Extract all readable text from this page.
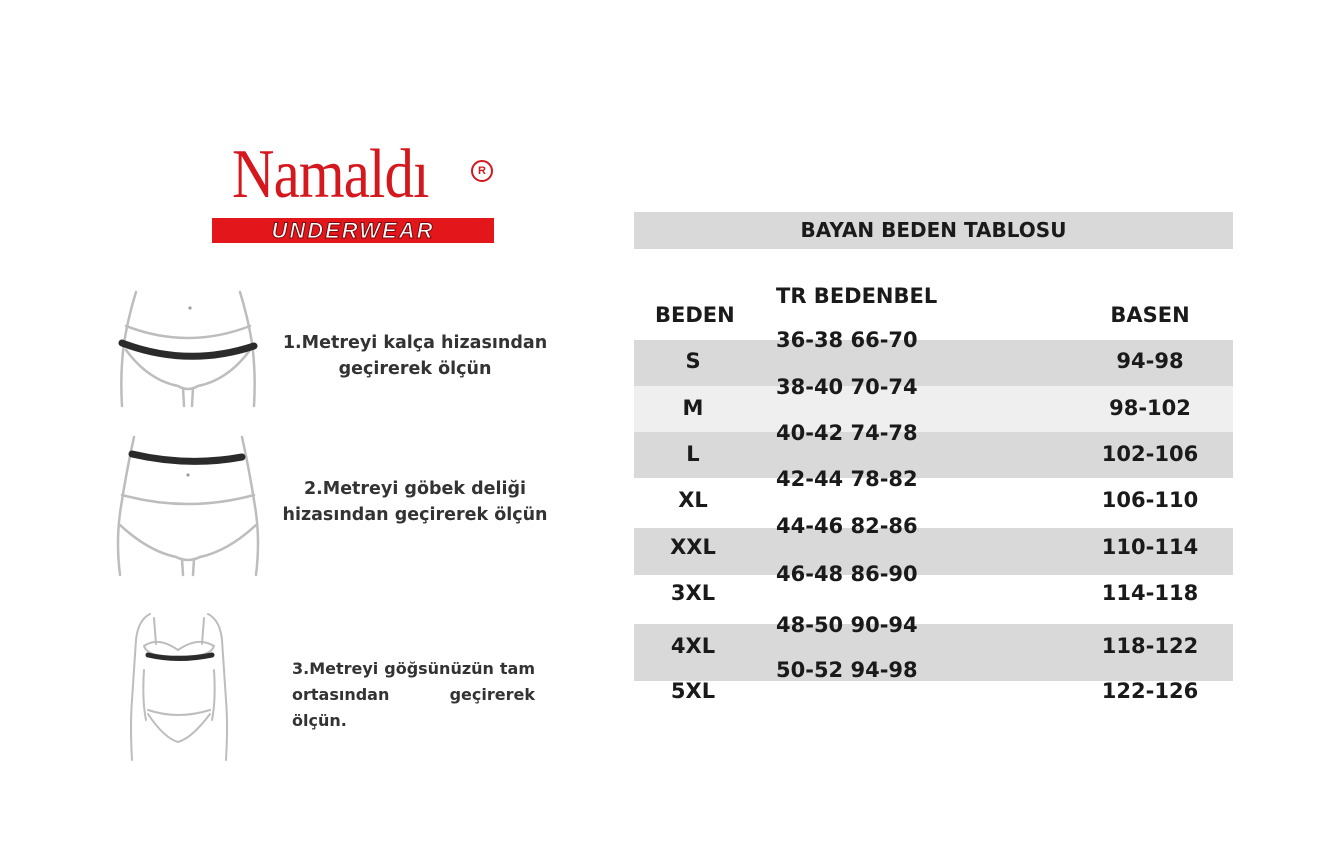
Namaldı	R
UNDERWEAR
1.Metreyi kalça hizasından geçirerek ölçün
2.Metreyi göbek deliği hizasından geçirerek ölçün
3.Metreyi göğsünüzün tam ortasından geçirerek ölçün.
BAYAN BEDEN TABLOSU
BEDEN
TR BEDENBEL
BASEN
S
M
L
XL
XXL
3XL
4XL
5XL
36-38 66-70
38-40 70-74
40-42 74-78
42-44 78-82
44-46 82-86
46-48 86-90
48-50 90-94
50-52 94-98
94-98
98-102
102-106
106-110
110-114
114-118
118-122
122-126
